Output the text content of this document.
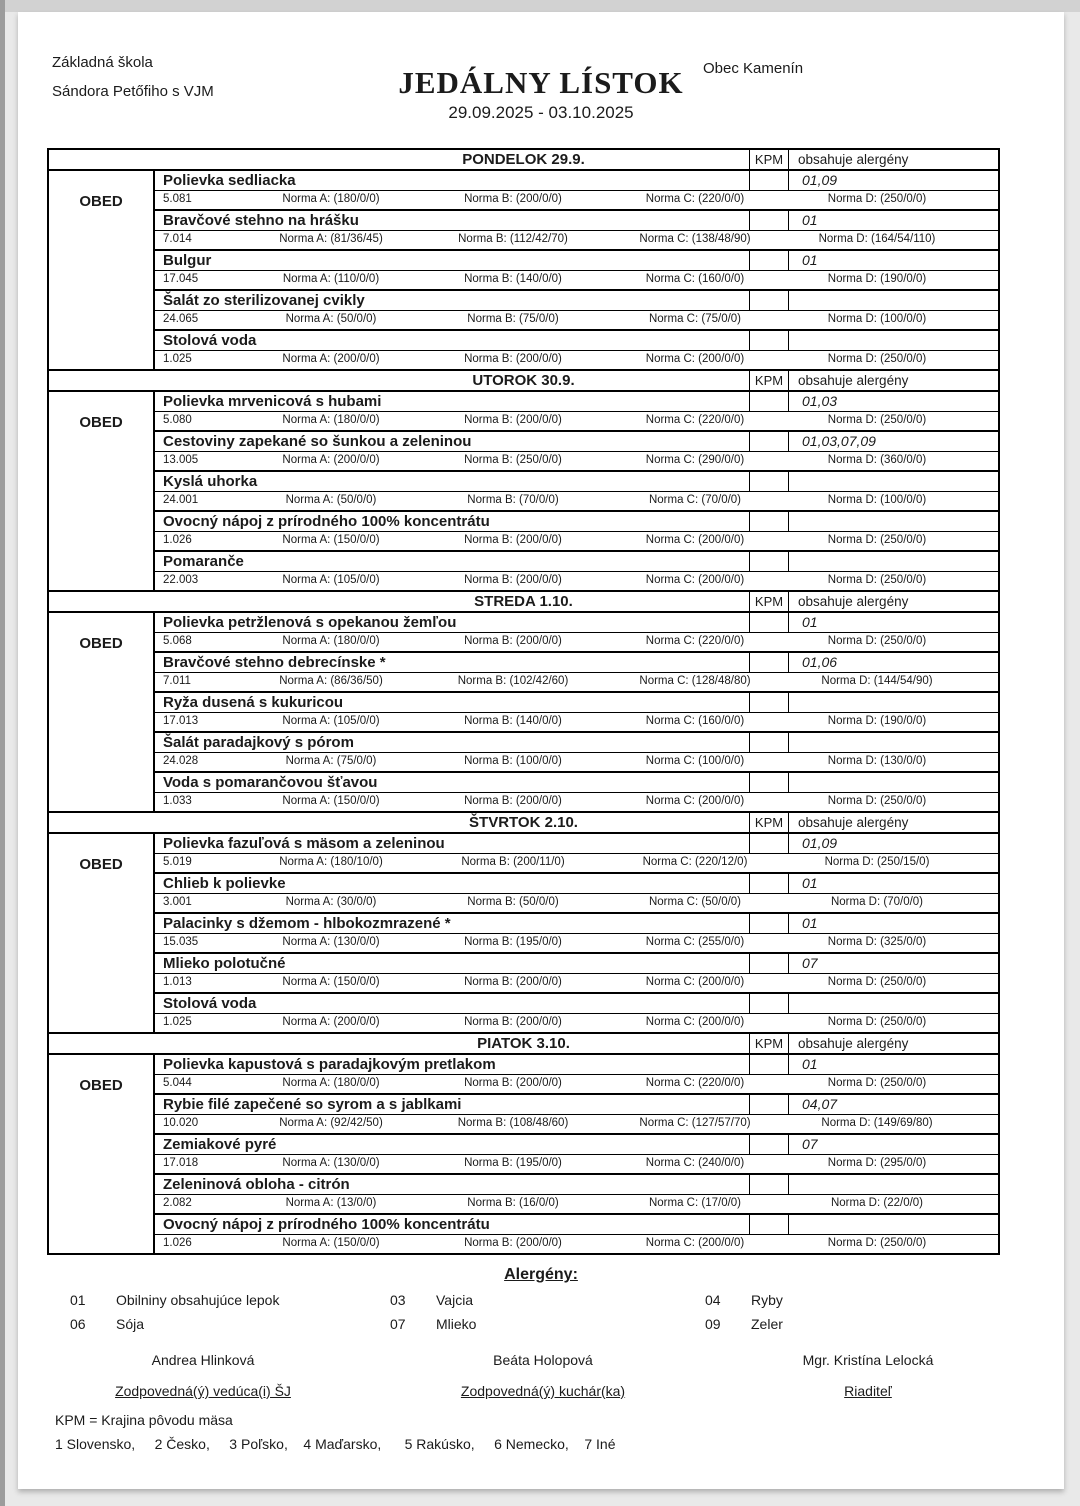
Základná škola
Sándora Petőfiho s VJM	JEDÁLNY LÍSTOK
29.09.2025 - 03.10.2025
Obec Kamenín
PONDELOK 29.9.	KPM	obsahuje alergény
OBED
Polievka sedliacka	01,09
5.081	Norma A: (180/0/0)	Norma B: (200/0/0)	Norma C: (220/0/0)	Norma D: (250/0/0)
Bravčové stehno na hrášku	01
7.014	Norma A: (81/36/45)	Norma B: (112/42/70)	Norma C: (138/48/90)	Norma D: (164/54/110)
Bulgur	01
17.045	Norma A: (110/0/0)	Norma B: (140/0/0)	Norma C: (160/0/0)	Norma D: (190/0/0)
Šalát zo sterilizovanej cvikly
24.065	Norma A: (50/0/0)	Norma B: (75/0/0)	Norma C: (75/0/0)	Norma D: (100/0/0)
Stolová voda
1.025	Norma A: (200/0/0)	Norma B: (200/0/0)	Norma C: (200/0/0)	Norma D: (250/0/0)
UTOROK 30.9.	KPM	obsahuje alergény
OBED
Polievka mrvenicová s hubami	01,03
5.080	Norma A: (180/0/0)	Norma B: (200/0/0)	Norma C: (220/0/0)	Norma D: (250/0/0)
Cestoviny zapekané so šunkou a zeleninou	01,03,07,09
13.005	Norma A: (200/0/0)	Norma B: (250/0/0)	Norma C: (290/0/0)	Norma D: (360/0/0)
Kyslá uhorka
24.001	Norma A: (50/0/0)	Norma B: (70/0/0)	Norma C: (70/0/0)	Norma D: (100/0/0)
Ovocný nápoj z prírodného 100% koncentrátu
1.026	Norma A: (150/0/0)	Norma B: (200/0/0)	Norma C: (200/0/0)	Norma D: (250/0/0)
Pomaranče
22.003	Norma A: (105/0/0)	Norma B: (200/0/0)	Norma C: (200/0/0)	Norma D: (250/0/0)
STREDA 1.10.	KPM	obsahuje alergény
OBED
Polievka petržlenová s opekanou žemľou	01
5.068	Norma A: (180/0/0)	Norma B: (200/0/0)	Norma C: (220/0/0)	Norma D: (250/0/0)
Bravčové stehno debrecínske *	01,06
7.011	Norma A: (86/36/50)	Norma B: (102/42/60)	Norma C: (128/48/80)	Norma D: (144/54/90)
Ryža dusená s kukuricou
17.013	Norma A: (105/0/0)	Norma B: (140/0/0)	Norma C: (160/0/0)	Norma D: (190/0/0)
Šalát paradajkový s pórom
24.028	Norma A: (75/0/0)	Norma B: (100/0/0)	Norma C: (100/0/0)	Norma D: (130/0/0)
Voda s pomarančovou šťavou
1.033	Norma A: (150/0/0)	Norma B: (200/0/0)	Norma C: (200/0/0)	Norma D: (250/0/0)
ŠTVRTOK 2.10.	KPM	obsahuje alergény
OBED
Polievka fazuľová s mäsom a zeleninou	01,09
5.019	Norma A: (180/10/0)	Norma B: (200/11/0)	Norma C: (220/12/0)	Norma D: (250/15/0)
Chlieb k polievke	01
3.001	Norma A: (30/0/0)	Norma B: (50/0/0)	Norma C: (50/0/0)	Norma D: (70/0/0)
Palacinky s džemom - hlbokozmrazené *	01
15.035	Norma A: (130/0/0)	Norma B: (195/0/0)	Norma C: (255/0/0)	Norma D: (325/0/0)
Mlieko polotučné	07
1.013	Norma A: (150/0/0)	Norma B: (200/0/0)	Norma C: (200/0/0)	Norma D: (250/0/0)
Stolová voda
1.025	Norma A: (200/0/0)	Norma B: (200/0/0)	Norma C: (200/0/0)	Norma D: (250/0/0)
PIATOK 3.10.	KPM	obsahuje alergény
OBED
Polievka kapustová s paradajkovým pretlakom	01
5.044	Norma A: (180/0/0)	Norma B: (200/0/0)	Norma C: (220/0/0)	Norma D: (250/0/0)
Rybie filé zapečené so syrom a s jablkami	04,07
10.020	Norma A: (92/42/50)	Norma B: (108/48/60)	Norma C: (127/57/70)	Norma D: (149/69/80)
Zemiakové pyré	07
17.018	Norma A: (130/0/0)	Norma B: (195/0/0)	Norma C: (240/0/0)	Norma D: (295/0/0)
Zeleninová obloha - citrón
2.082	Norma A: (13/0/0)	Norma B: (16/0/0)	Norma C: (17/0/0)	Norma D: (22/0/0)
Ovocný nápoj z prírodného 100% koncentrátu
1.026	Norma A: (150/0/0)	Norma B: (200/0/0)	Norma C: (200/0/0)	Norma D: (250/0/0)
Alergény:
01	Obilniny obsahujúce lepok	03	Vajcia	04	Ryby
06	Sója	07	Mlieko	09	Zeler
Andrea Hlinková
Zodpovedná(ý) vedúca(i) ŠJ
Beáta Holopová
Zodpovedná(ý) kuchár(ka)
Mgr. Kristína Lelocká
Riaditeľ
KPM = Krajina pôvodu mäsa
1 Slovensko,     2 Česko,     3 Poľsko,    4 Maďarsko,      5 Rakúsko,     6 Nemecko,    7 Iné
